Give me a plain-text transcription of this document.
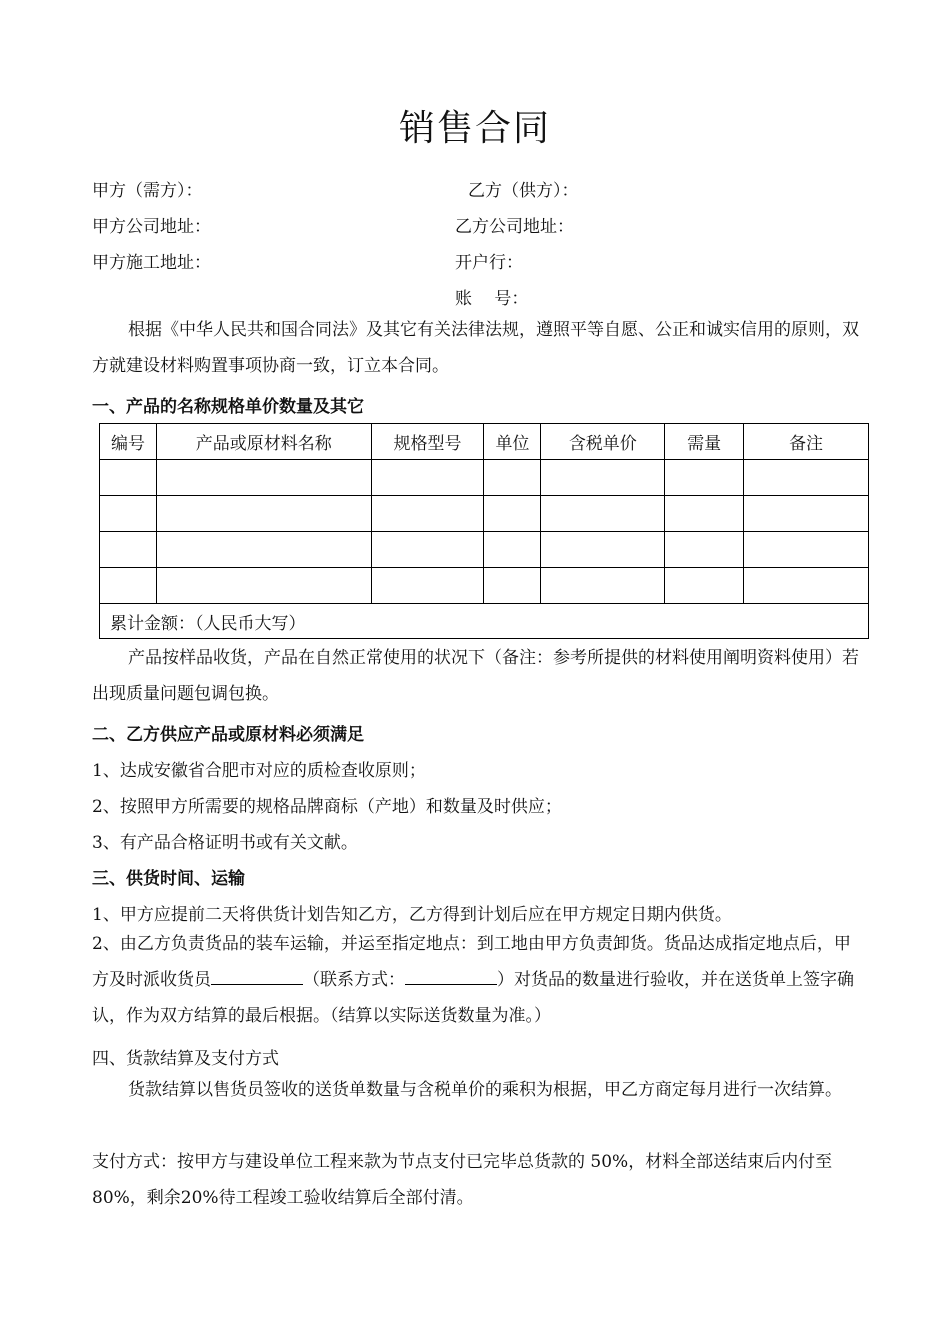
销售合同
甲方（需方）：	乙方（供方）：
甲方公司地址：	乙方公司地址：
甲方施工地址：	开户行：
账　 号：
根据《中华人民共和国合同法》及其它有关法律法规，遵照平等自愿、公正和诚实信用的原则，双方就建设材料购置事项协商一致，订立本合同。
一、产品的名称规格单价数量及其它
编号	产品或原材料名称	规格型号	单位	含税单价	需量	备注

累计金额：（人民币大写）						
产品按样品收货，产品在自然正常使用的状况下（备注：参考所提供的材料使用阐明资料使用）若出现质量问题包调包换。
二、乙方供应产品或原材料必须满足
1、达成安徽省合肥市对应的质检查收原则；
2、按照甲方所需要的规格品牌商标（产地）和数量及时供应；
3、有产品合格证明书或有关文献。
三、供货时间、运输
1、甲方应提前二天将供货计划告知乙方，乙方得到计划后应在甲方规定日期内供货。
2、由乙方负责货品的装车运输，并运至指定地点：到工地由甲方负责卸货。货品达成指定地点后，甲方及时派收货员	（联系方式：	）对货品的数量进行验收，并在送货单上签字确认，作为双方结算的最后根据。（结算以实际送货数量为准。）
四、货款结算及支付方式
货款结算以售货员签收的送货单数量与含税单价的乘积为根据，甲乙方商定每月进行一次结算。
支付方式：按甲方与建设单位工程来款为节点支付已完毕总货款的 50%，材料全部送结束后内付至80%，剩余20%待工程竣工验收结算后全部付清。
